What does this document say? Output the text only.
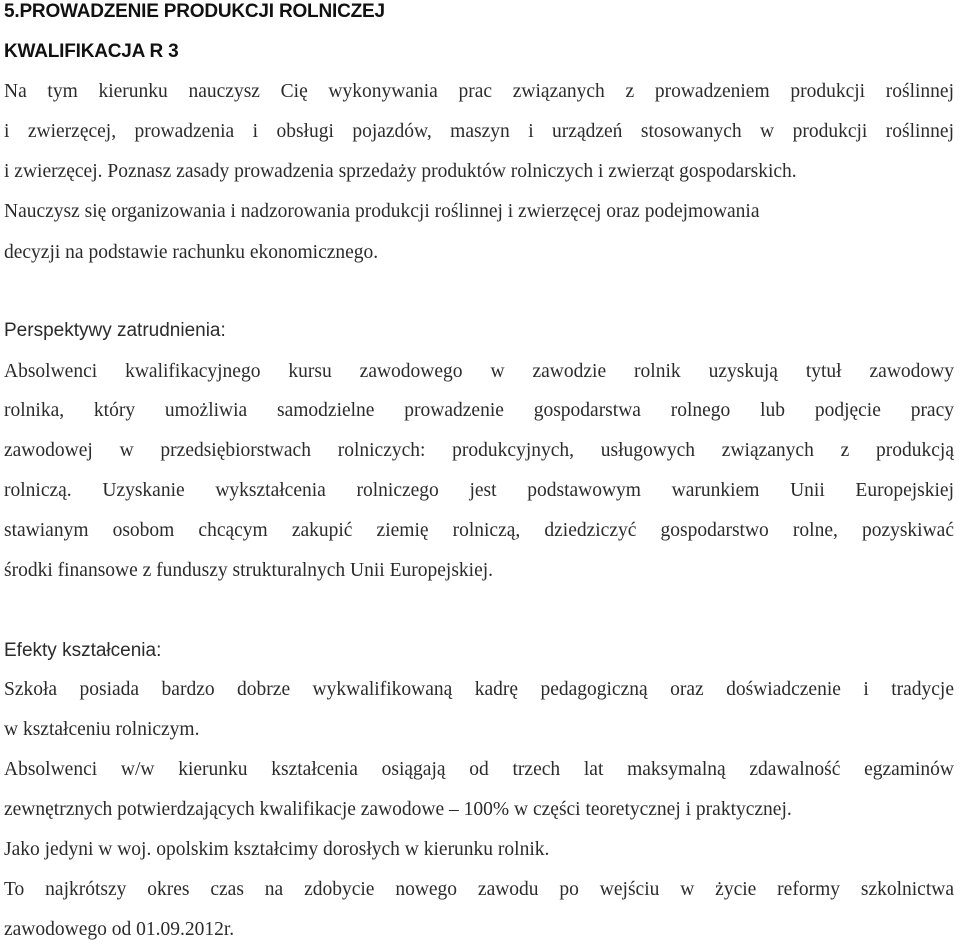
5.PROWADZENIE PRODUKCJI ROLNICZEJ
KWALIFIKACJA R 3
Na tym kierunku nauczysz Cię wykonywania prac związanych z prowadzeniem produkcji roślinnej
i zwierzęcej, prowadzenia i obsługi pojazdów, maszyn i urządzeń stosowanych w produkcji roślinnej
i zwierzęcej. Poznasz zasady prowadzenia sprzedaży produktów rolniczych i zwierząt gospodarskich.
Nauczysz się organizowania i nadzorowania produkcji roślinnej i zwierzęcej oraz podejmowania
decyzji na podstawie rachunku ekonomicznego.
Perspektywy zatrudnienia:
Absolwenci kwalifikacyjnego kursu zawodowego w zawodzie rolnik uzyskują tytuł zawodowy
rolnika, który umożliwia samodzielne prowadzenie gospodarstwa rolnego lub podjęcie pracy
zawodowej w przedsiębiorstwach rolniczych: produkcyjnych, usługowych związanych z produkcją
rolniczą. Uzyskanie wykształcenia rolniczego jest podstawowym warunkiem Unii Europejskiej
stawianym osobom chcącym zakupić ziemię rolniczą, dziedziczyć gospodarstwo rolne, pozyskiwać
środki finansowe z funduszy strukturalnych Unii Europejskiej.
Efekty kształcenia:
Szkoła posiada bardzo dobrze wykwalifikowaną kadrę pedagogiczną oraz doświadczenie i tradycje
w kształceniu rolniczym.
Absolwenci w/w kierunku kształcenia osiągają od trzech lat maksymalną zdawalność egzaminów
zewnętrznych potwierdzających kwalifikacje zawodowe – 100% w części teoretycznej i praktycznej.
Jako jedyni w woj. opolskim kształcimy dorosłych w kierunku rolnik.
To najkrótszy okres czas na zdobycie nowego zawodu po wejściu w życie reformy szkolnictwa
zawodowego od 01.09.2012r.
